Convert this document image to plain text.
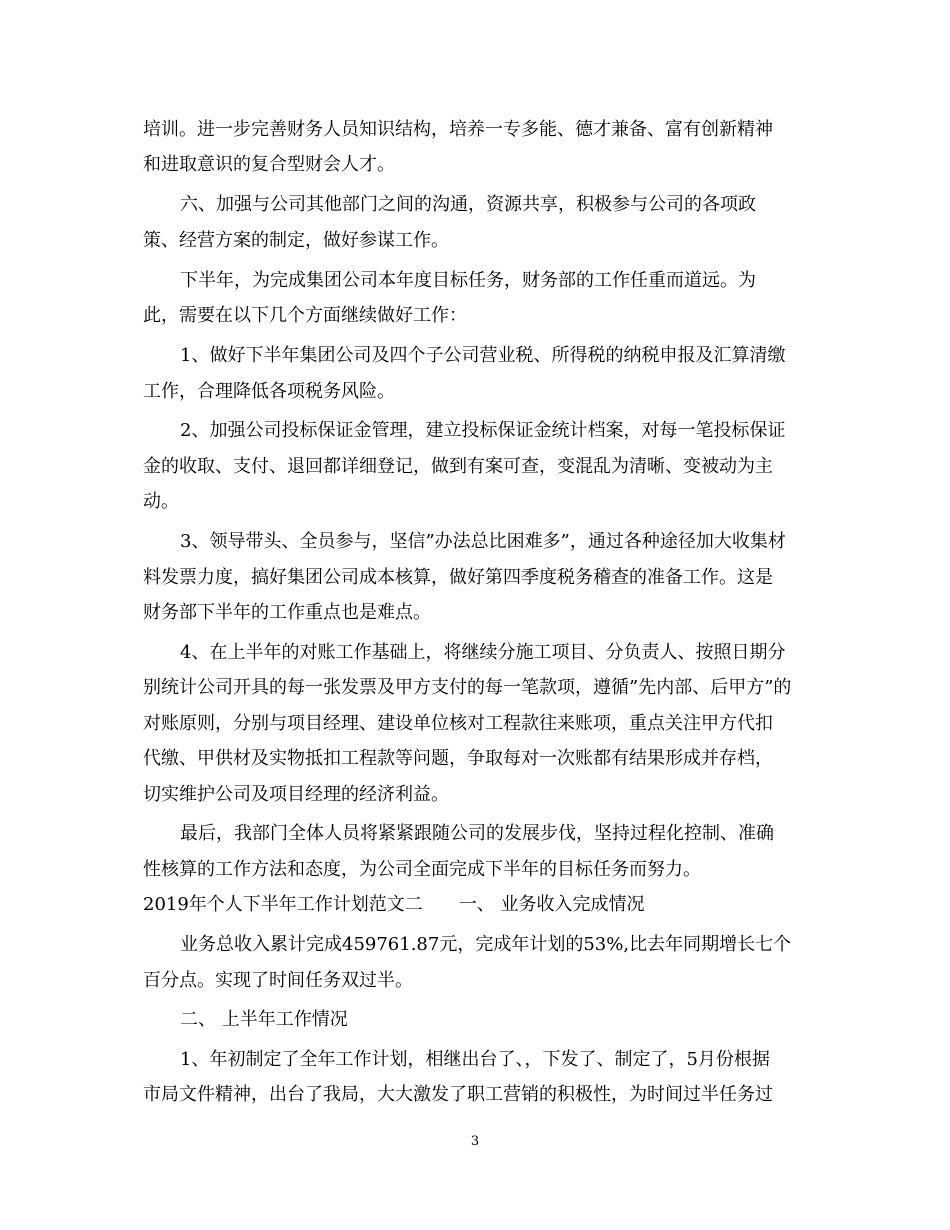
培训。进一步完善财务人员知识结构，培养一专多能、德才兼备、富有创新精神
和进取意识的复合型财会人才。
六、加强与公司其他部门之间的沟通，资源共享，积极参与公司的各项政
策、经营方案的制定，做好参谋工作。
下半年，为完成集团公司本年度目标任务，财务部的工作任重而道远。为
此，需要在以下几个方面继续做好工作：
1、做好下半年集团公司及四个子公司营业税、所得税的纳税申报及汇算清缴
工作，合理降低各项税务风险。
2、加强公司投标保证金管理，建立投标保证金统计档案，对每一笔投标保证
金的收取、支付、退回都详细登记，做到有案可查，变混乱为清晰、变被动为主
动。
3、领导带头、全员参与，坚信”办法总比困难多”，通过各种途径加大收集材
料发票力度，搞好集团公司成本核算，做好第四季度税务稽查的准备工作。这是
财务部下半年的工作重点也是难点。
4、在上半年的对账工作基础上，将继续分施工项目、分负责人、按照日期分
别统计公司开具的每一张发票及甲方支付的每一笔款项，遵循”先内部、后甲方”的
对账原则，分别与项目经理、建设单位核对工程款往来账项，重点关注甲方代扣
代缴、甲供材及实物抵扣工程款等问题，争取每对一次账都有结果形成并存档，
切实维护公司及项目经理的经济利益。
最后，我部门全体人员将紧紧跟随公司的发展步伐，坚持过程化控制、准确
性核算的工作方法和态度，为公司全面完成下半年的目标任务而努力。
2019年个人下半年工作计划范文二 一、 业务收入完成情况
业务总收入累计完成459761.87元，完成年计划的53%,比去年同期增长七个
百分点。实现了时间任务双过半。
二、 上半年工作情况
1、年初制定了全年工作计划，相继出台了、，下发了、制定了，5月份根据
市局文件精神，出台了我局，大大激发了职工营销的积极性，为时间过半任务过
3
